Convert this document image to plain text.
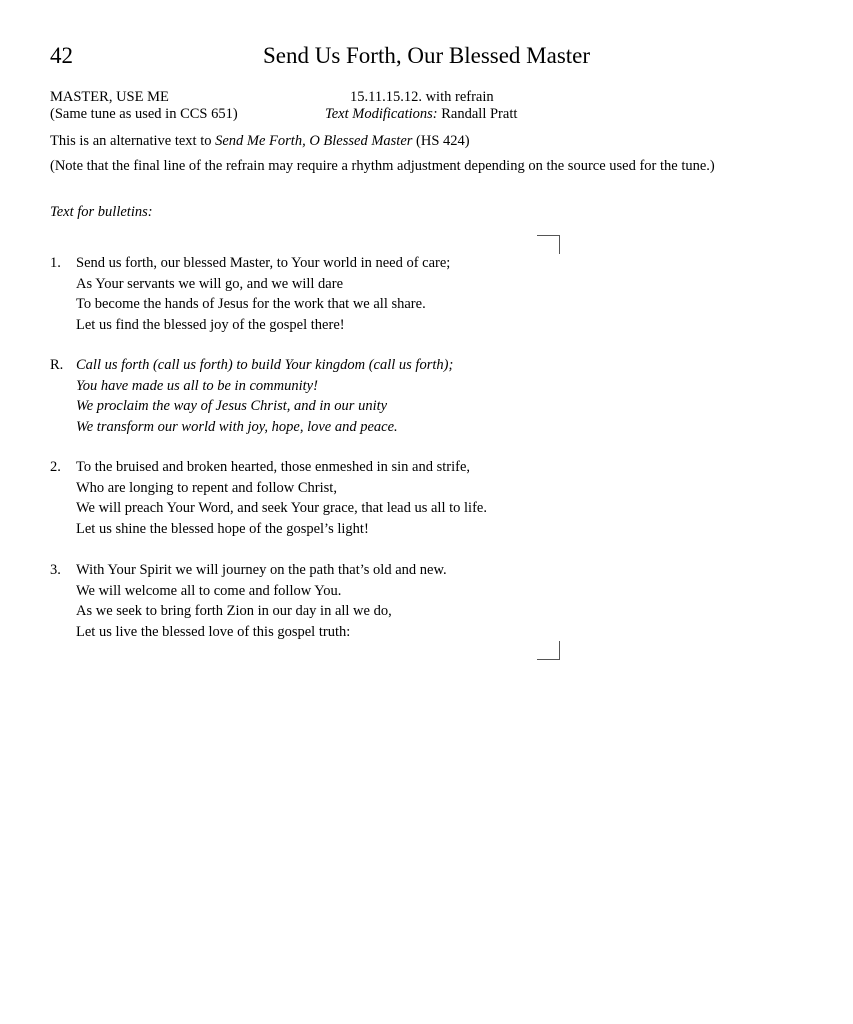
42	Send Us Forth, Our Blessed Master
MASTER, USE ME	15.11.15.12. with refrain
(Same tune as used in CCS 651)	Text Modifications: Randall Pratt
This is an alternative text to Send Me Forth, O Blessed Master (HS 424)
(Note that the final line of the refrain may require a rhythm adjustment depending on the source used for the tune.)
Text for bulletins:
1. Send us forth, our blessed Master, to Your world in need of care;
As Your servants we will go, and we will dare
To become the hands of Jesus for the work that we all share.
Let us find the blessed joy of the gospel there!
R. Call us forth (call us forth) to build Your kingdom (call us forth);
You have made us all to be in community!
We proclaim the way of Jesus Christ, and in our unity
We transform our world with joy, hope, love and peace.
2. To the bruised and broken hearted, those enmeshed in sin and strife,
Who are longing to repent and follow Christ,
We will preach Your Word, and seek Your grace, that lead us all to life.
Let us shine the blessed hope of the gospel’s light!
3. With Your Spirit we will journey on the path that’s old and new.
We will welcome all to come and follow You.
As we seek to bring forth Zion in our day in all we do,
Let us live the blessed love of this gospel truth:
